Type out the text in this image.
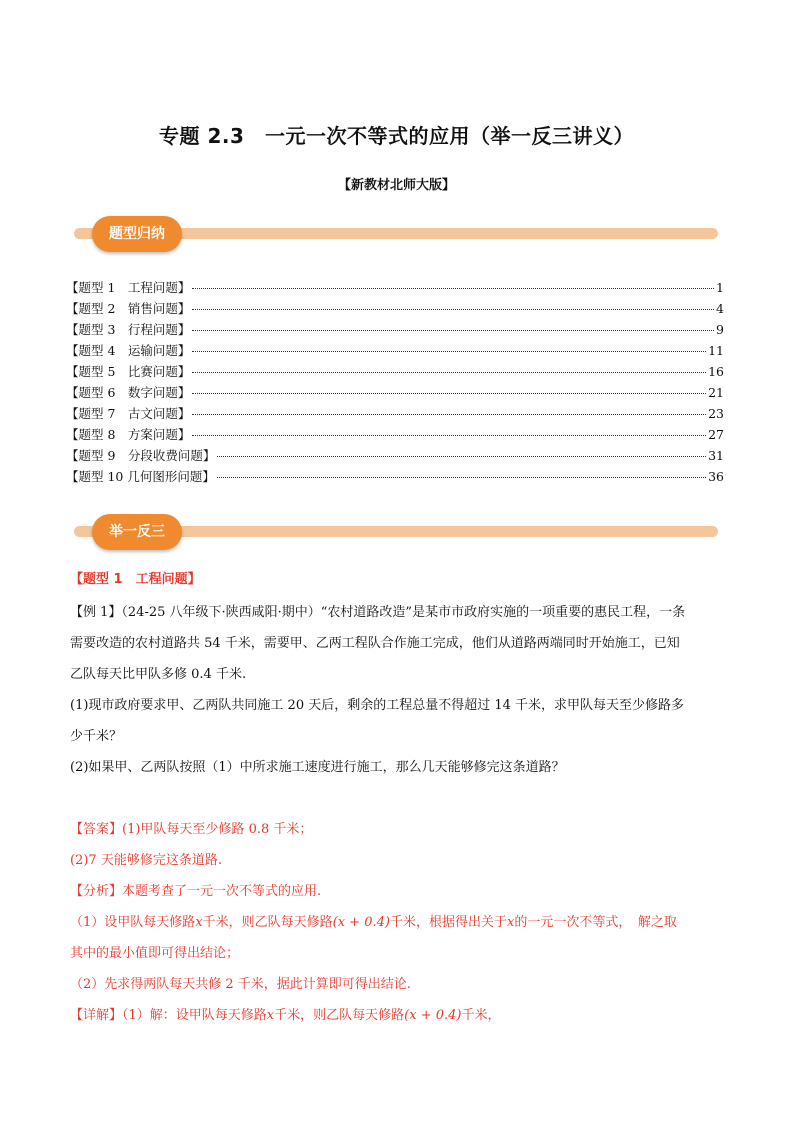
专题 2.3　一元一次不等式的应用（举一反三讲义）
【新教材北师大版】
题型归纳
【题型 1　工程问题】	1
【题型 2　销售问题】	4
【题型 3　行程问题】	9
【题型 4　运输问题】	11
【题型 5　比赛问题】	16
【题型 6　数字问题】	21
【题型 7　古文问题】	23
【题型 8　方案问题】	27
【题型 9　分段收费问题】	31
【题型 10 几何图形问题】	36
举一反三
【题型 1　工程问题】
【例 1】（24-25 八年级下·陕西咸阳·期中）“农村道路改造”是某市市政府实施的一项重要的惠民工程，一条
需要改造的农村道路共 54 千米，需要甲、乙两工程队合作施工完成，他们从道路两端同时开始施工，已知
乙队每天比甲队多修 0.4 千米.
(1)现市政府要求甲、乙两队共同施工 20 天后，剩余的工程总量不得超过 14 千米，求甲队每天至少修路多
少千米？
(2)如果甲、乙两队按照（1）中所求施工速度进行施工，那么几天能够修完这条道路？
【答案】(1)甲队每天至少修路 0.8 千米；
(2)7 天能够修完这条道路.
【分析】本题考查了一元一次不等式的应用.
（1）设甲队每天修路x千米，则乙队每天修路(x + 0.4)千米，根据得出关于x的一元一次不等式，　解之取
其中的最小值即可得出结论；
（2）先求得两队每天共修 2 千米，据此计算即可得出结论.
【详解】（1）解：设甲队每天修路x千米，则乙队每天修路(x + 0.4)千米，
